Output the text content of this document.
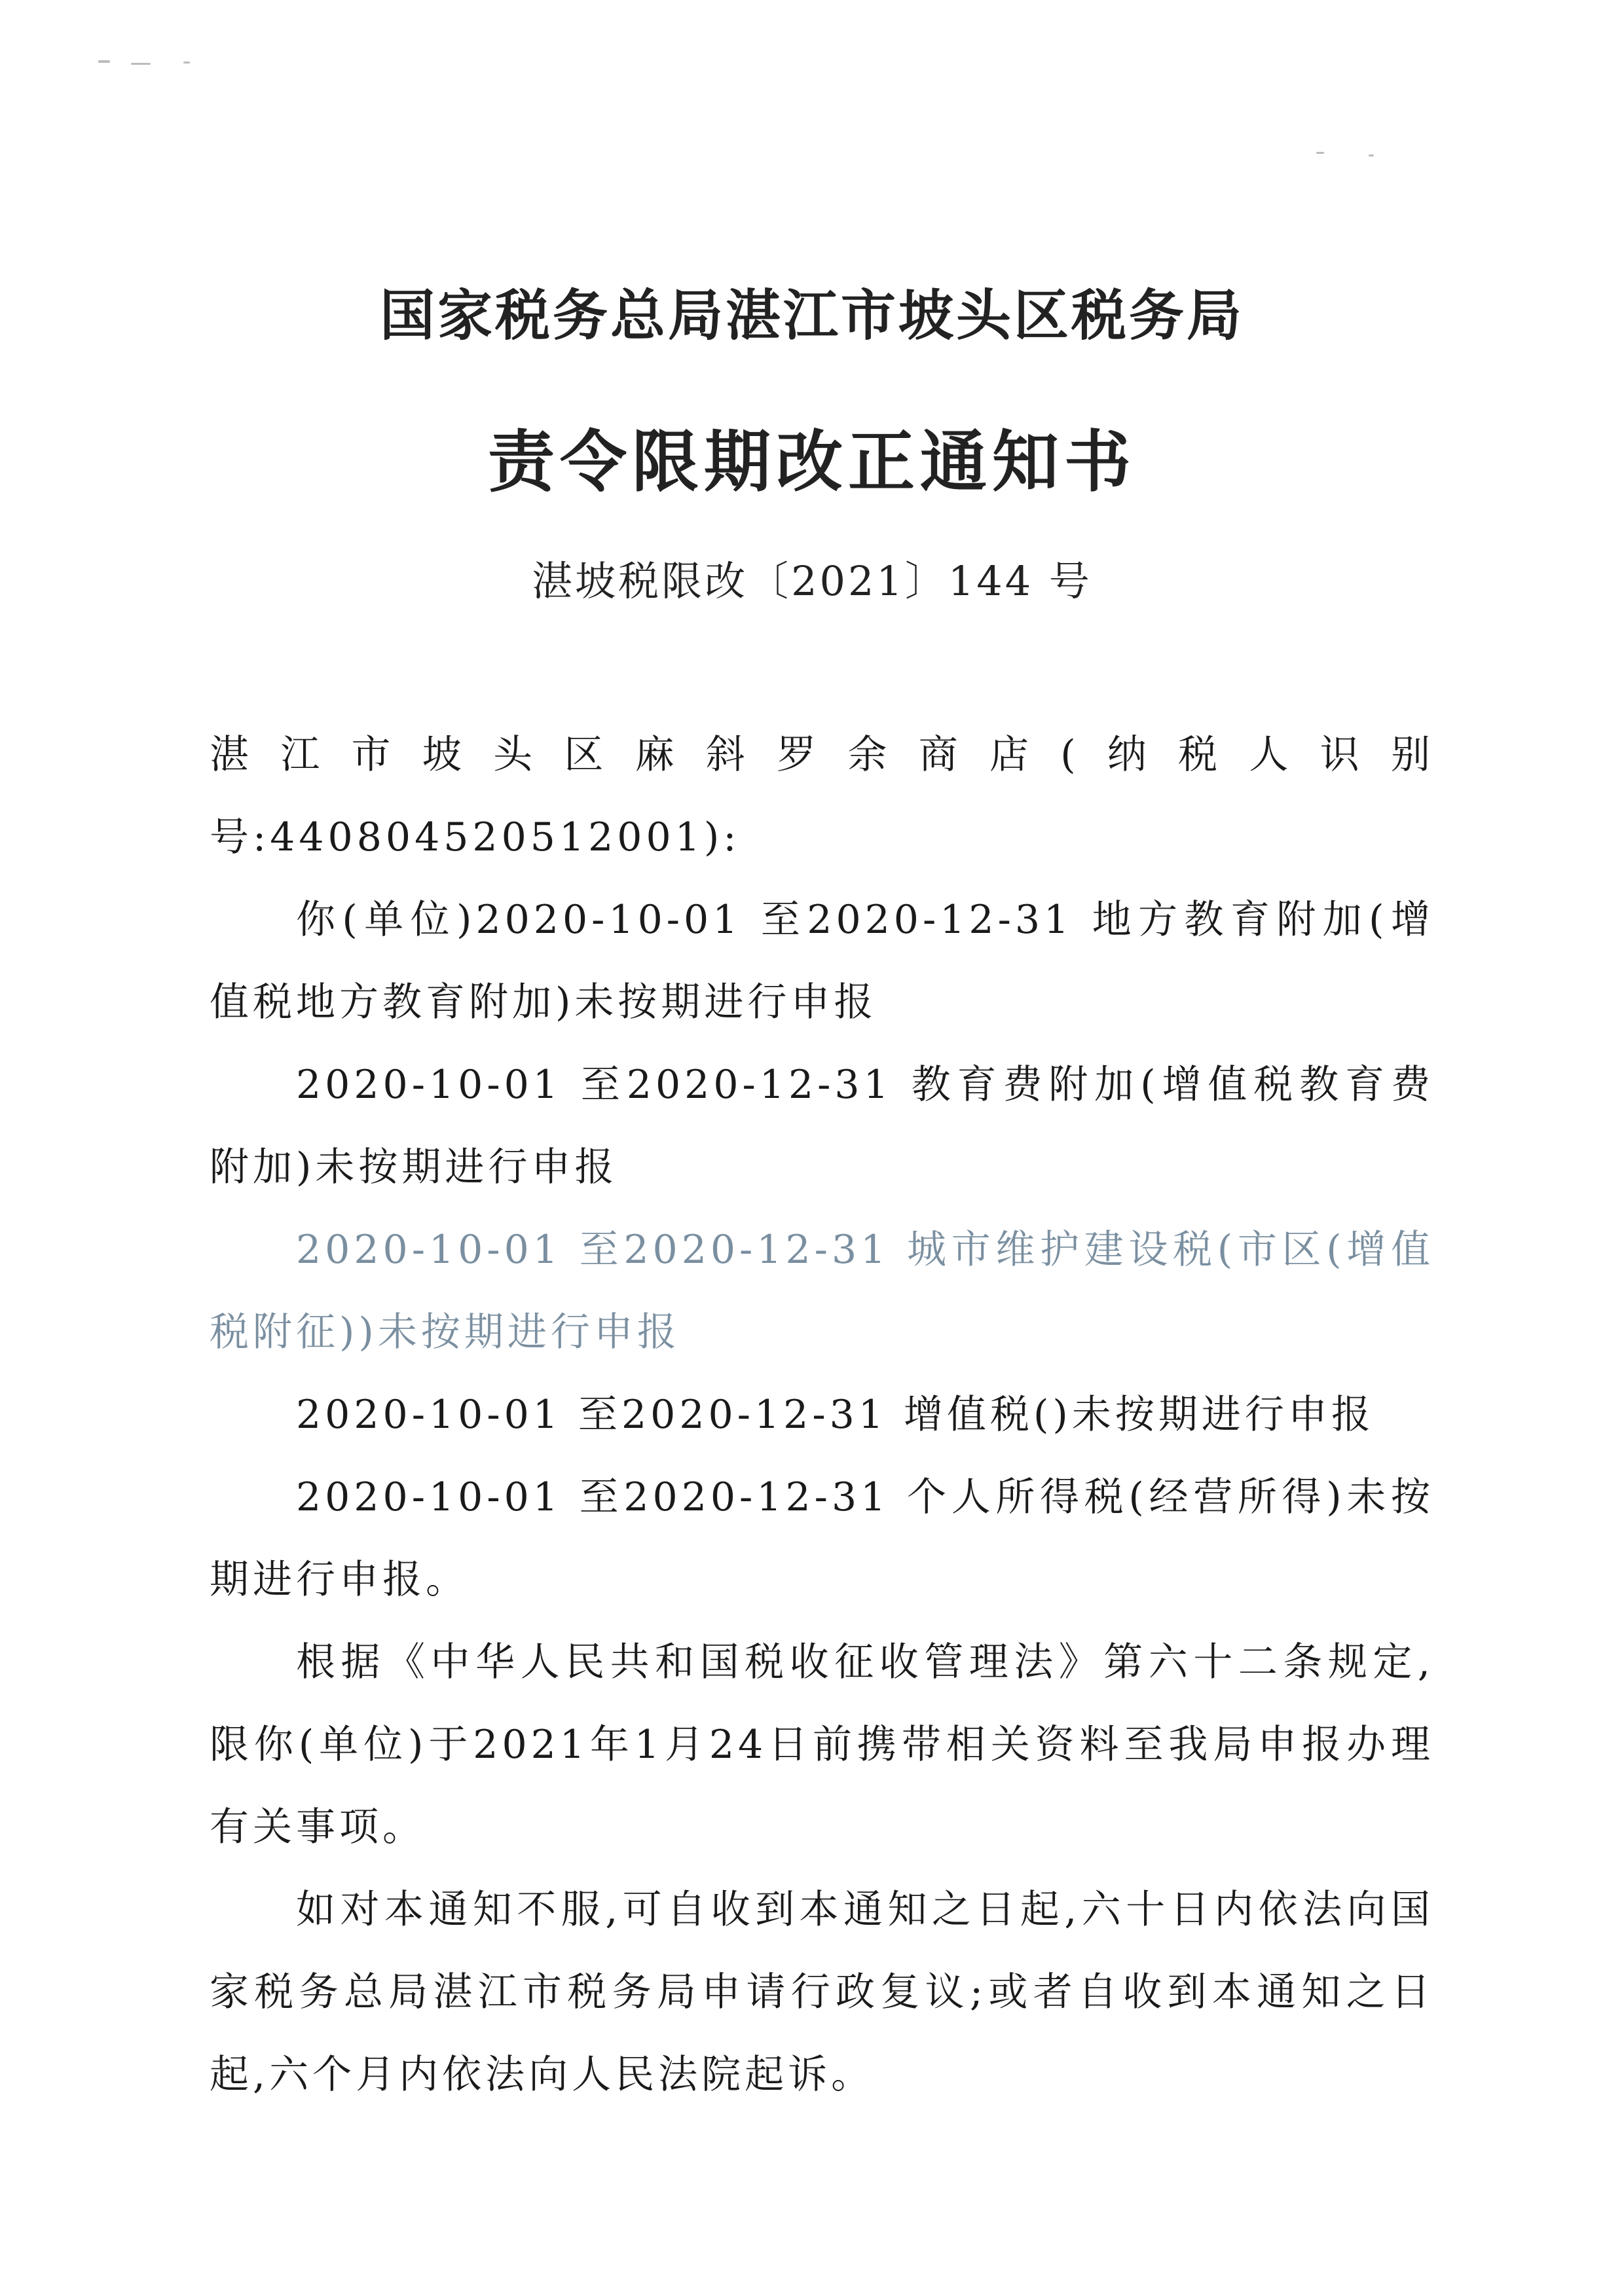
国家税务总局湛江市坡头区税务局
责令限期改正通知书
湛坡税限改〔2021〕144 号

湛江市坡头区麻斜罗余商店(纳税人识别号:440804520512001):

你(单位)2020-10-01 至2020-12-31 地方教育附加(增值税地方教育附加)未按期进行申报

2020-10-01 至2020-12-31 教育费附加(增值税教育费附加)未按期进行申报

2020-10-01 至2020-12-31 城市维护建设税(市区(增值税附征))未按期进行申报

2020-10-01 至2020-12-31 增值税()未按期进行申报

2020-10-01 至2020-12-31 个人所得税(经营所得)未按期进行申报。

根据《中华人民共和国税收征收管理法》第六十二条规定,限你(单位)于2021年1月24日前携带相关资料至我局申报办理有关事项。

如对本通知不服,可自收到本通知之日起,六十日内依法向国家税务总局湛江市税务局申请行政复议;或者自收到本通知之日起,六个月内依法向人民法院起诉。
